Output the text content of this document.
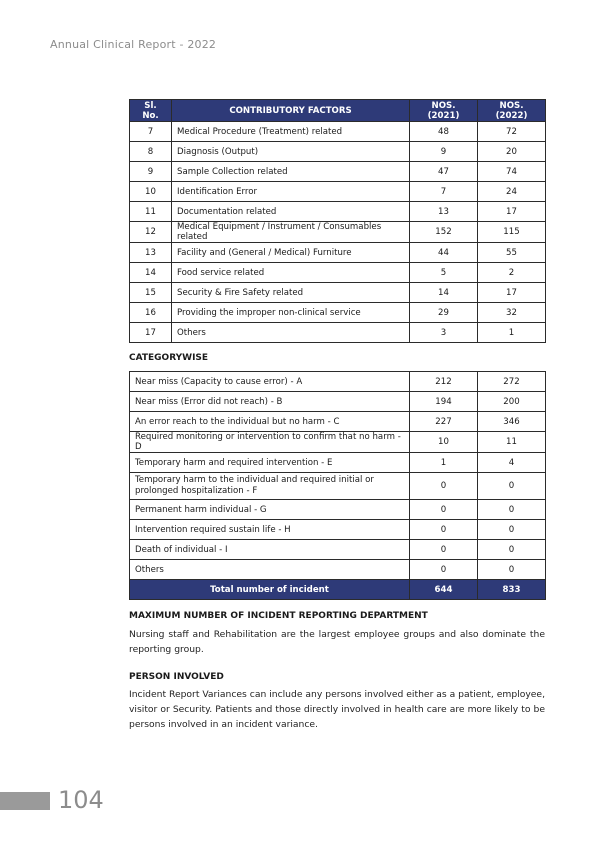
Annual Clinical Report - 2022
Sl. No.	CONTRIBUTORY FACTORS	NOS. (2021)	NOS. (2022)
7	Medical Procedure (Treatment) related	48	72
8	Diagnosis (Output)	9	20
9	Sample Collection related	47	74
10	Identification Error	7	24
11	Documentation related	13	17
12	Medical Equipment / Instrument / Consumables related	152	115
13	Facility and (General / Medical) Furniture	44	55
14	Food service related	5	2
15	Security & Fire Safety related	14	17
16	Providing the improper non-clinical service	29	32
17	Others	3	1
CATEGORYWISE
Near miss (Capacity to cause error) - A	212	272
Near miss (Error did not reach) - B	194	200
An error reach to the individual but no harm - C	227	346
Required monitoring or intervention to confirm that no harm - D	10	11
Temporary harm and required intervention - E	1	4
Temporary harm to the individual and required initial or prolonged hospitalization - F	0	0
Permanent harm individual - G	0	0
Intervention required sustain life - H	0	0
Death of individual - I	0	0
Others	0	0
Total number of incident	644	833
MAXIMUM NUMBER OF INCIDENT REPORTING DEPARTMENT
Nursing staff and Rehabilitation are the largest employee groups and also dominate the reporting group.
PERSON INVOLVED
Incident Report Variances can include any persons involved either as a patient, employee, visitor or Security. Patients and those directly involved in health care are more likely to be persons involved in an incident variance.
104
